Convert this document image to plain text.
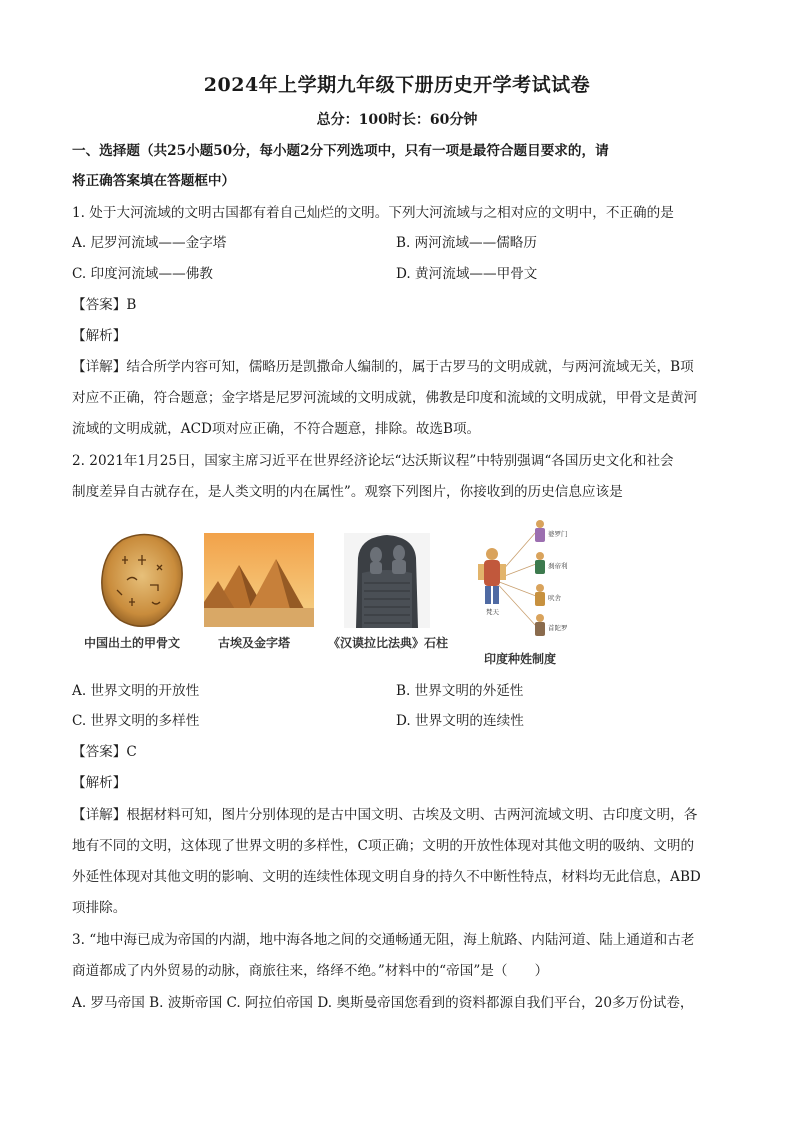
2024年上学期九年级下册历史开学考试试卷
总分：100时长：60分钟
一、选择题（共25小题50分，每小题2分下列选项中，只有一项是最符合题目要求的，请
将正确答案填在答题框中）
1. 处于大河流域的文明古国都有着自己灿烂的文明。下列大河流域与之相对应的文明中，不正确的是
A. 尼罗河流域——金字塔	B. 两河流域——儒略历
C. 印度河流域——佛教	D. 黄河流域——甲骨文
【答案】B
【解析】
【详解】结合所学内容可知，儒略历是凯撒命人编制的，属于古罗马的文明成就，与两河流域无关，B项
对应不正确，符合题意；金字塔是尼罗河流域的文明成就，佛教是印度和流域的文明成就，甲骨文是黄河
流域的文明成就，ACD项对应正确，不符合题意，排除。故选B项。
2. 2021年1月25日，国家主席习近平在世界经济论坛“达沃斯议程”中特别强调“各国历史文化和社会
制度差异自古就存在，是人类文明的内在属性”。观察下列图片，你接收到的历史信息应该是
中国出土的甲骨文	古埃及金字塔	《汉谟拉比法典》石柱
婆罗门
刹帝利
吠舍
首陀罗
梵天
印度种姓制度
A. 世界文明的开放性	B. 世界文明的外延性
C. 世界文明的多样性	D. 世界文明的连续性
【答案】C
【解析】
【详解】根据材料可知，图片分别体现的是古中国文明、古埃及文明、古两河流域文明、古印度文明，各
地有不同的文明，这体现了世界文明的多样性，C项正确；文明的开放性体现对其他文明的吸纳、文明的
外延性体现对其他文明的影响、文明的连续性体现文明自身的持久不中断性特点，材料均无此信息，ABD
项排除。
3. “地中海已成为帝国的内湖，地中海各地之间的交通畅通无阻，海上航路、内陆河道、陆上通道和古老
商道都成了内外贸易的动脉，商旅往来，络绎不绝。”材料中的“帝国”是（　　）
A. 罗马帝国 B. 波斯帝国 C. 阿拉伯帝国 D. 奥斯曼帝国您看到的资料都源自我们平台，20多万份试卷，
